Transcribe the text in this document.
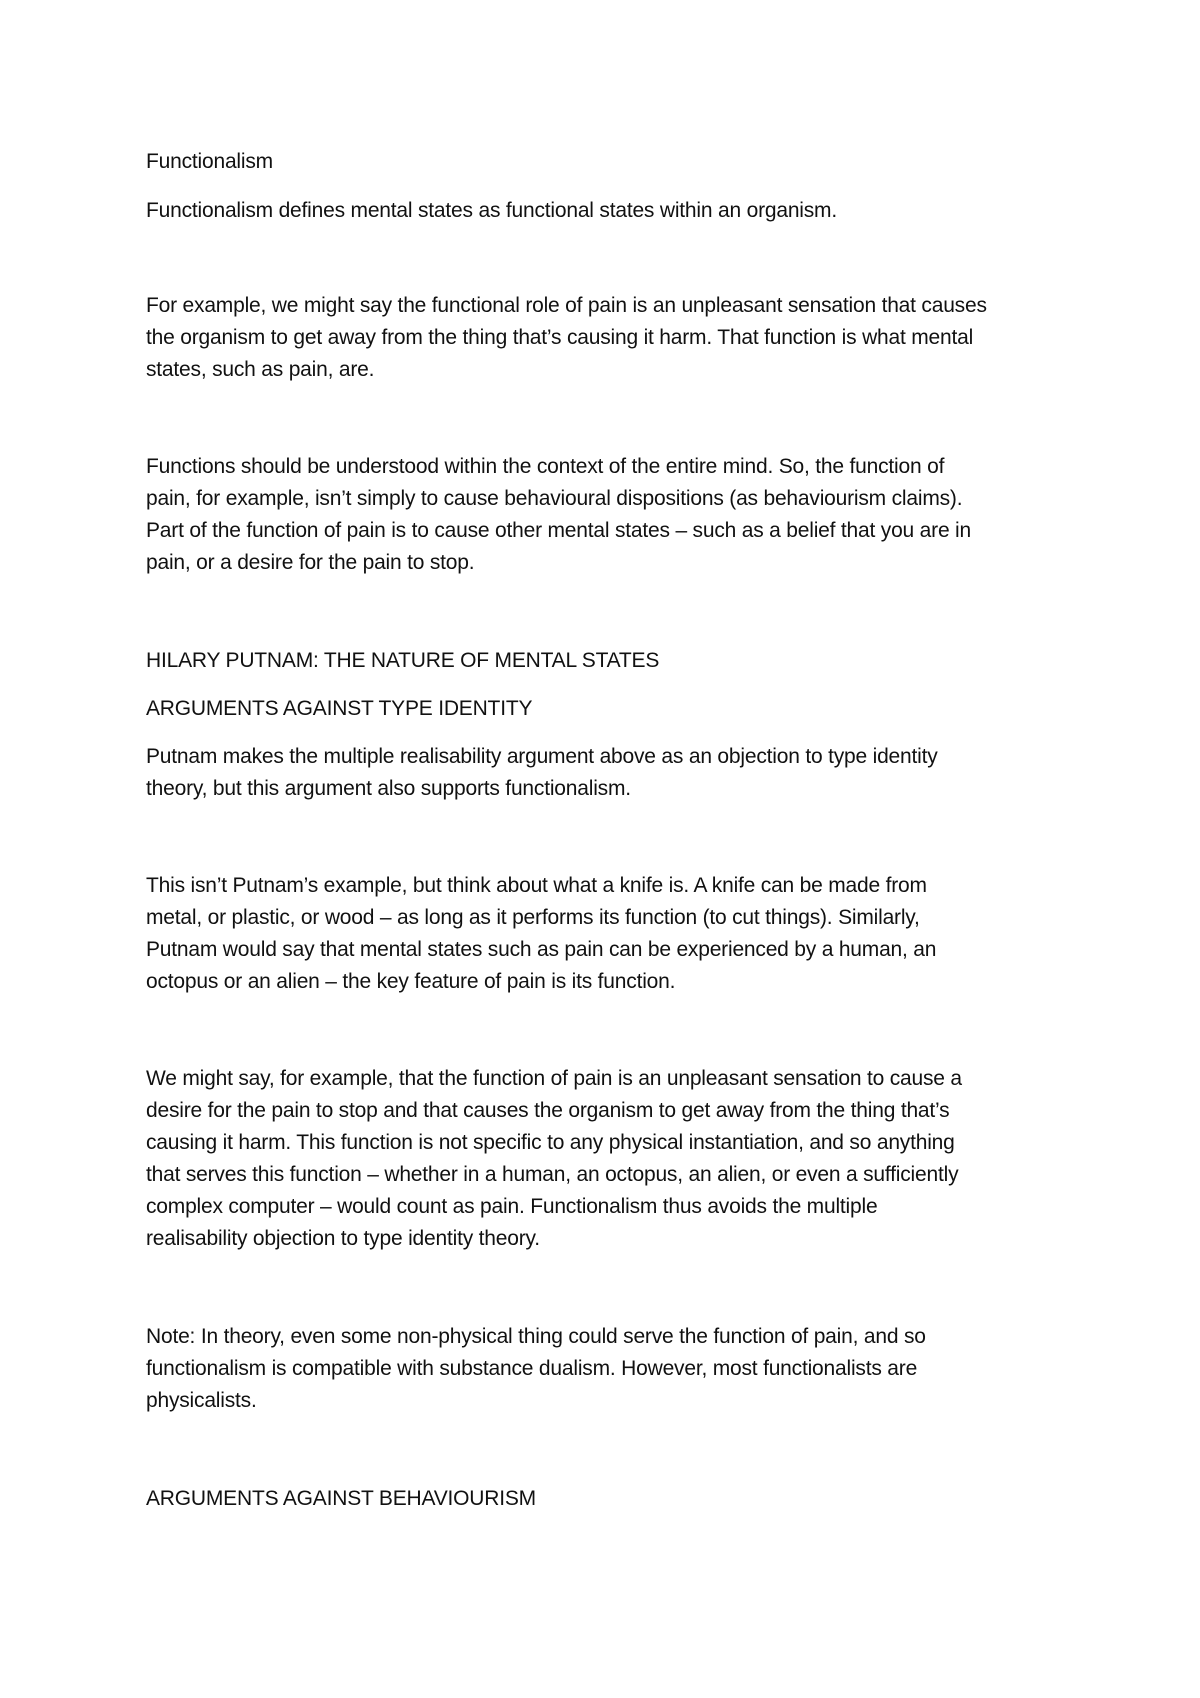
Functionalism

Functionalism defines mental states as functional states within an organism.

For example, we might say the functional role of pain is an unpleasant sensation that causes
the organism to get away from the thing that’s causing it harm. That function is what mental
states, such as pain, are.

Functions should be understood within the context of the entire mind. So, the function of
pain, for example, isn’t simply to cause behavioural dispositions (as behaviourism claims).
Part of the function of pain is to cause other mental states – such as a belief that you are in
pain, or a desire for the pain to stop.

HILARY PUTNAM: THE NATURE OF MENTAL STATES

ARGUMENTS AGAINST TYPE IDENTITY

Putnam makes the multiple realisability argument above as an objection to type identity
theory, but this argument also supports functionalism.

This isn’t Putnam’s example, but think about what a knife is. A knife can be made from
metal, or plastic, or wood – as long as it performs its function (to cut things). Similarly,
Putnam would say that mental states such as pain can be experienced by a human, an
octopus or an alien – the key feature of pain is its function.

We might say, for example, that the function of pain is an unpleasant sensation to cause a
desire for the pain to stop and that causes the organism to get away from the thing that’s
causing it harm. This function is not specific to any physical instantiation, and so anything
that serves this function – whether in a human, an octopus, an alien, or even a sufficiently
complex computer – would count as pain. Functionalism thus avoids the multiple
realisability objection to type identity theory.

Note: In theory, even some non-physical thing could serve the function of pain, and so
functionalism is compatible with substance dualism. However, most functionalists are
physicalists.

ARGUMENTS AGAINST BEHAVIOURISM
